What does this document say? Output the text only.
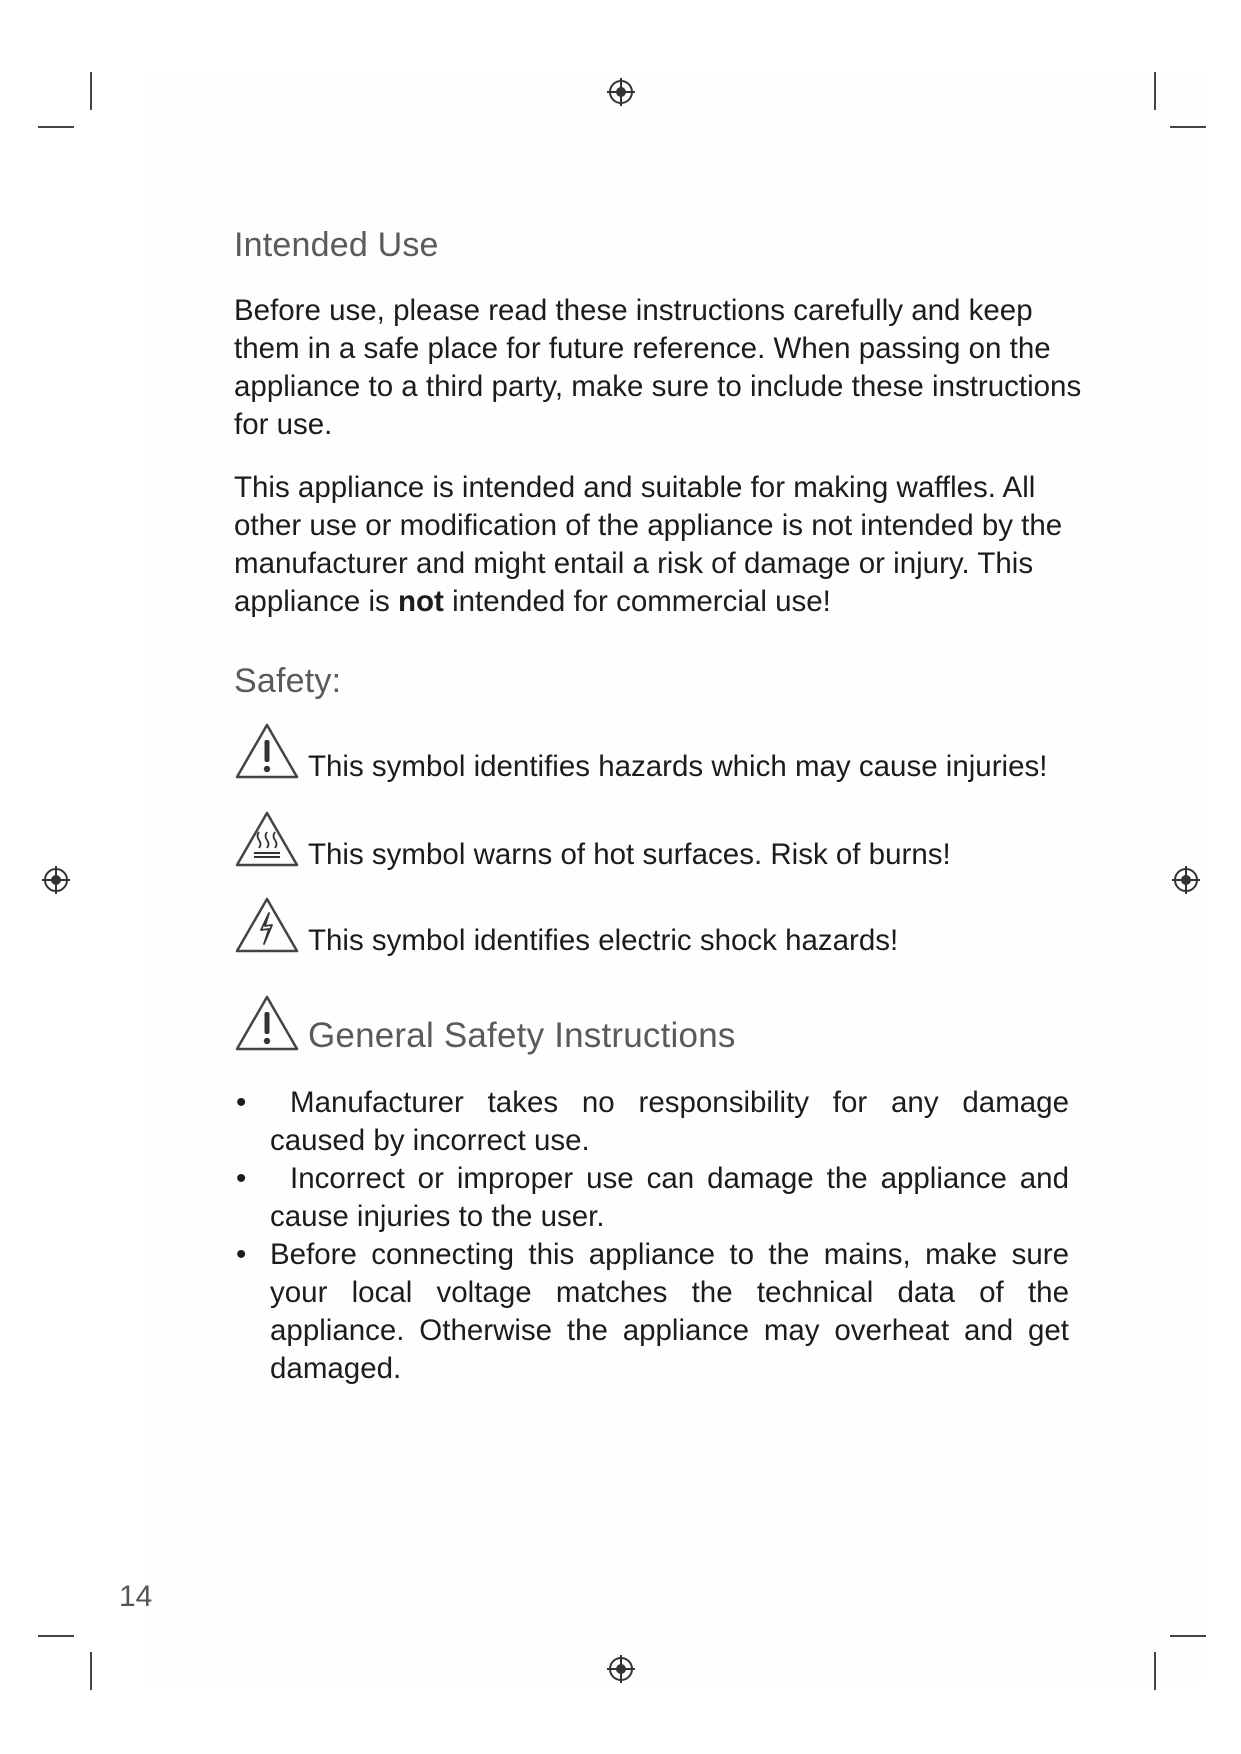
Intended Use

Before use, please read these instructions carefully and keep them in a safe place for future reference. When passing on the appliance to a third party, make sure to include these instructions for use.

This appliance is intended and suitable for making waffles. All other use or modification of the appliance is not intended by the manufacturer and might entail a risk of damage or injury. This appliance is not intended for commercial use!

Safety:
This symbol identifies hazards which may cause injuries!
This symbol warns of hot surfaces. Risk of burns!
This symbol identifies electric shock hazards!
General Safety Instructions
• Manufacturer takes no responsibility for any damage caused by incorrect use.
• Incorrect or improper use can damage the appliance and cause injuries to the user.
• Before connecting this appliance to the mains, make sure your local voltage matches the technical data of the appliance. Otherwise the appliance may overheat and get damaged.
14
